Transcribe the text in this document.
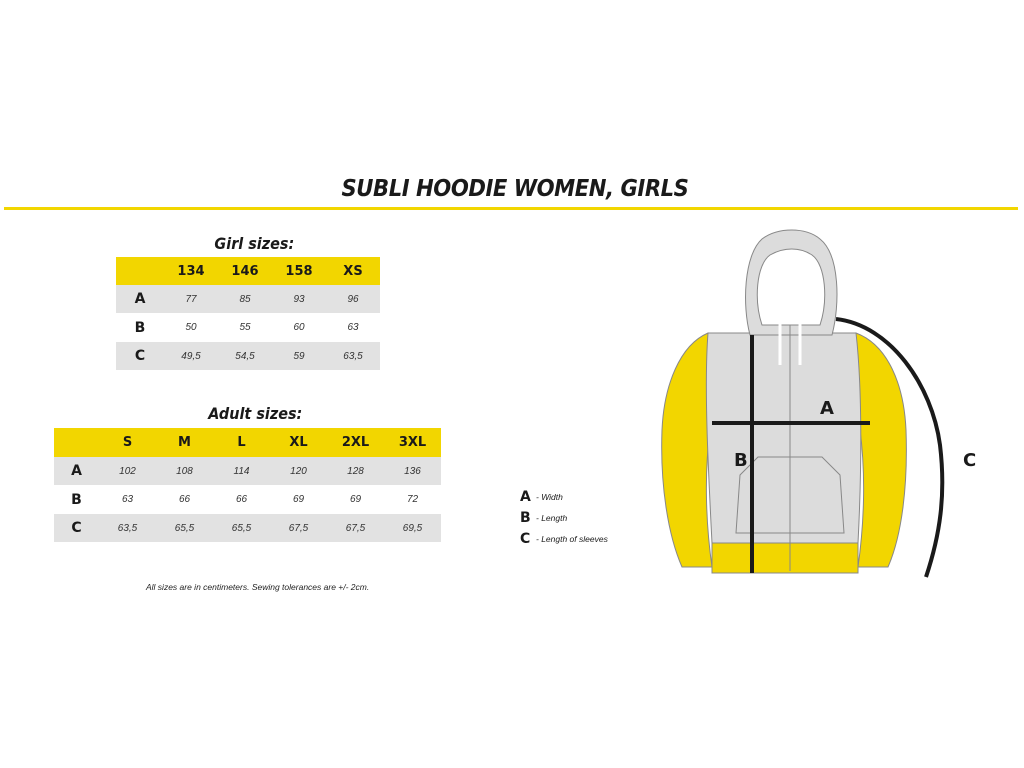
SUBLI HOODIE WOMEN, GIRLS
Girl sizes:
	134	146	158	XS
A	77	85	93	96
B	50	55	60	63
C	49,5	54,5	59	63,5
Adult sizes:
	S	M	L	XL	2XL	3XL
A	102	108	114	120	128	136
B	63	66	66	69	69	72
C	63,5	65,5	65,5	67,5	67,5	69,5
All sizes are in centimeters. Sewing tolerances are +/- 2cm.
A - Width
B - Length
C - Length of sleeves
A
B	C
